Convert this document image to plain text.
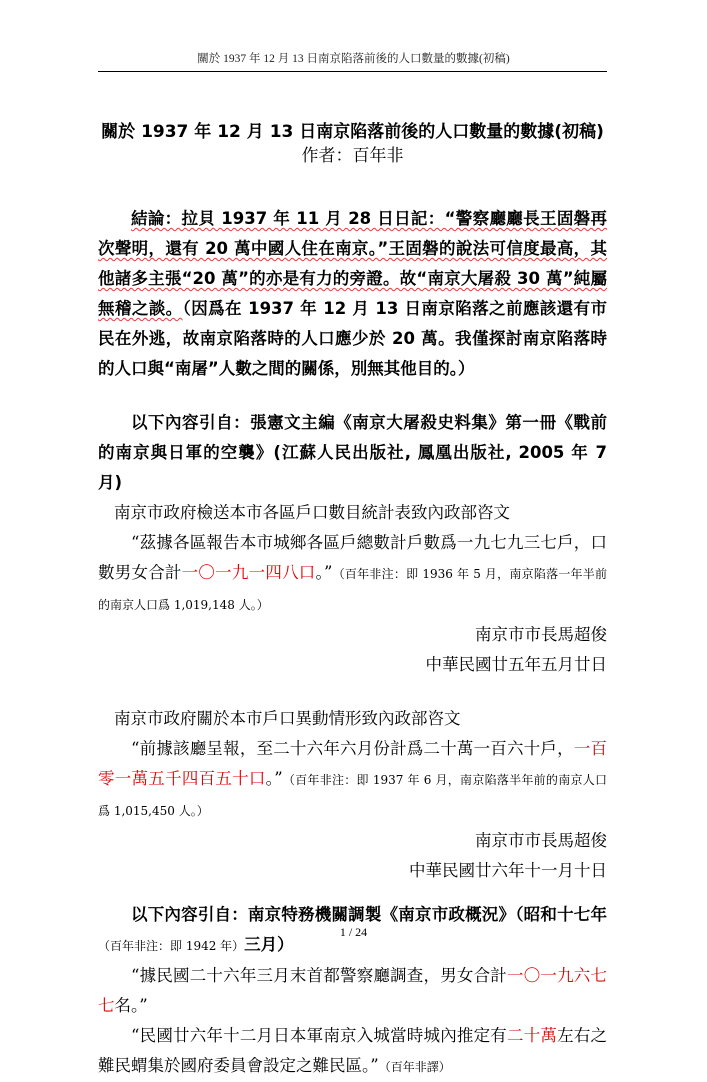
關於 1937 年 12 月 13 日南京陷落前後的人口數量的數據(初稿)

關於 1937 年 12 月 13 日南京陷落前後的人口數量的數據(初稿)

作者：百年非

結論：拉貝 1937 年 11 月 28 日日記：“警察廳廳長王固磐再次聲明，還有 20 萬中國人住在南京。”王固磐的說法可信度最高，其他諸多主張“20 萬”的亦是有力的旁證。故“南京大屠殺 30 萬”純屬無稽之談。（因爲在 1937 年 12 月 13 日南京陷落之前應該還有市民在外逃，故南京陷落時的人口應少於 20 萬。我僅探討南京陷落時的人口與“南屠”人數之間的關係，別無其他目的。）

以下內容引自：張憲文主編《南京大屠殺史料集》第一冊《戰前的南京與日軍的空襲》(江蘇人民出版社, 鳳凰出版社, 2005 年 7 月)

南京市政府檢送本市各區戶口數目統計表致內政部咨文

“茲據各區報告本市城鄉各區戶總數計戶數爲一九七九三七戶，口數男女合計一〇一九一四八口。”（百年非注：即 1936 年 5 月，南京陷落一年半前的南京人口爲 1,019,148 人。）

南京市市長馬超俊

中華民國廿五年五月廿日

南京市政府關於本市戶口異動情形致內政部咨文

“前據該廳呈報，至二十六年六月份計爲二十萬一百六十戶，一百零一萬五千四百五十口。”（百年非注：即 1937 年 6 月，南京陷落半年前的南京人口爲 1,015,450 人。）

南京市市長馬超俊

中華民國廿六年十一月十日

以下內容引自：南京特務機關調製《南京市政概況》（昭和十七年（百年非注：即 1942 年）三月）

“據民國二十六年三月末首都警察廳調查，男女合計一〇一九六七七名。”

“民國廿六年十二月日本軍南京入城當時城內推定有二十萬左右之難民蝟集於國府委員會設定之難民區。”（百年非譯）

1 / 24
